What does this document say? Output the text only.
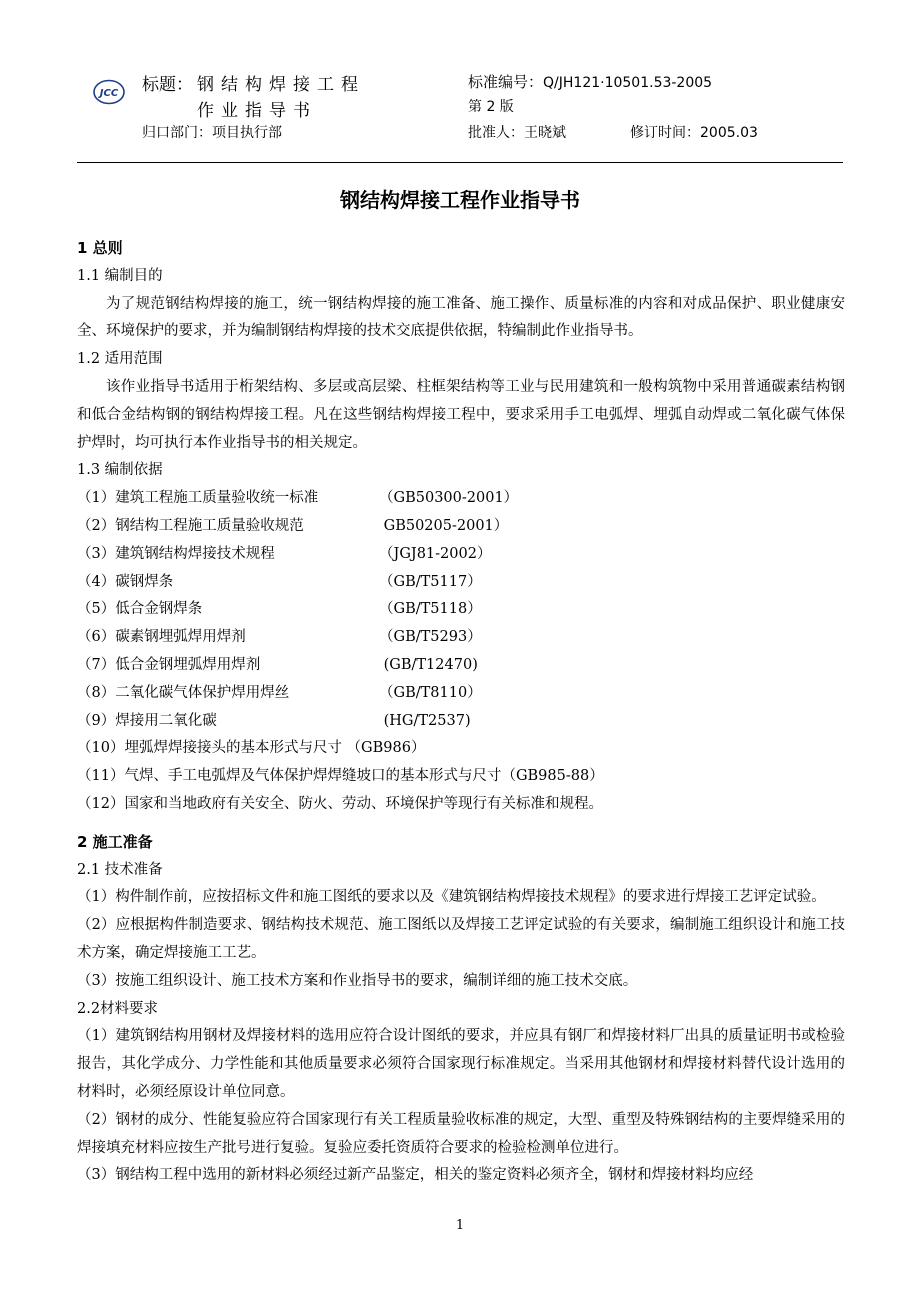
JCC 标题： 钢结构焊接工程
作业指导书
标准编号：Q/JH121·10501.53-2005
第 2 版
归口部门：项目执行部	批准人：王晓斌	修订时间：2005.03
钢结构焊接工程作业指导书

1 总则

1.1 编制目的

为了规范钢结构焊接的施工，统一钢结构焊接的施工准备、施工操作、质量标准的内容和对成品保护、职业健康安全、环境保护的要求，并为编制钢结构焊接的技术交底提供依据，特编制此作业指导书。

1.2 适用范围

该作业指导书适用于桁架结构、多层或高层梁、柱框架结构等工业与民用建筑和一般构筑物中采用普通碳素结构钢和低合金结构钢的钢结构焊接工程。凡在这些钢结构焊接工程中，要求采用手工电弧焊、埋弧自动焊或二氧化碳气体保护焊时，均可执行本作业指导书的相关规定。

1.3 编制依据

（1）建筑工程施工质量验收统一标准	（GB50300-2001）

（2）钢结构工程施工质量验收规范	GB50205-2001）

（3）建筑钢结构焊接技术规程	（JGJ81-2002）

（4）碳钢焊条	（GB/T5117）

（5）低合金钢焊条	（GB/T5118）

（6）碳素钢埋弧焊用焊剂	（GB/T5293）

（7）低合金钢埋弧焊用焊剂	(GB/T12470)

（8）二氧化碳气体保护焊用焊丝	（GB/T8110）

（9）焊接用二氧化碳	(HG/T2537)

（10）埋弧焊焊接接头的基本形式与尺寸 （GB986）

（11）气焊、手工电弧焊及气体保护焊焊缝坡口的基本形式与尺寸（GB985-88）

（12）国家和当地政府有关安全、防火、劳动、环境保护等现行有关标准和规程。

2 施工准备

2.1 技术准备

（1）构件制作前，应按招标文件和施工图纸的要求以及《建筑钢结构焊接技术规程》的要求进行焊接工艺评定试验。

（2）应根据构件制造要求、钢结构技术规范、施工图纸以及焊接工艺评定试验的有关要求，编制施工组织设计和施工技术方案，确定焊接施工工艺。

（3）按施工组织设计、施工技术方案和作业指导书的要求，编制详细的施工技术交底。

2.2材料要求

（1）建筑钢结构用钢材及焊接材料的选用应符合设计图纸的要求，并应具有钢厂和焊接材料厂出具的质量证明书或检验报告，其化学成分、力学性能和其他质量要求必须符合国家现行标准规定。当采用其他钢材和焊接材料替代设计选用的材料时，必须经原设计单位同意。

（2）钢材的成分、性能复验应符合国家现行有关工程质量验收标准的规定，大型、重型及特殊钢结构的主要焊缝采用的焊接填充材料应按生产批号进行复验。复验应委托资质符合要求的检验检测单位进行。

（3）钢结构工程中选用的新材料必须经过新产品鉴定，相关的鉴定资料必须齐全，钢材和焊接材料均应经

1
